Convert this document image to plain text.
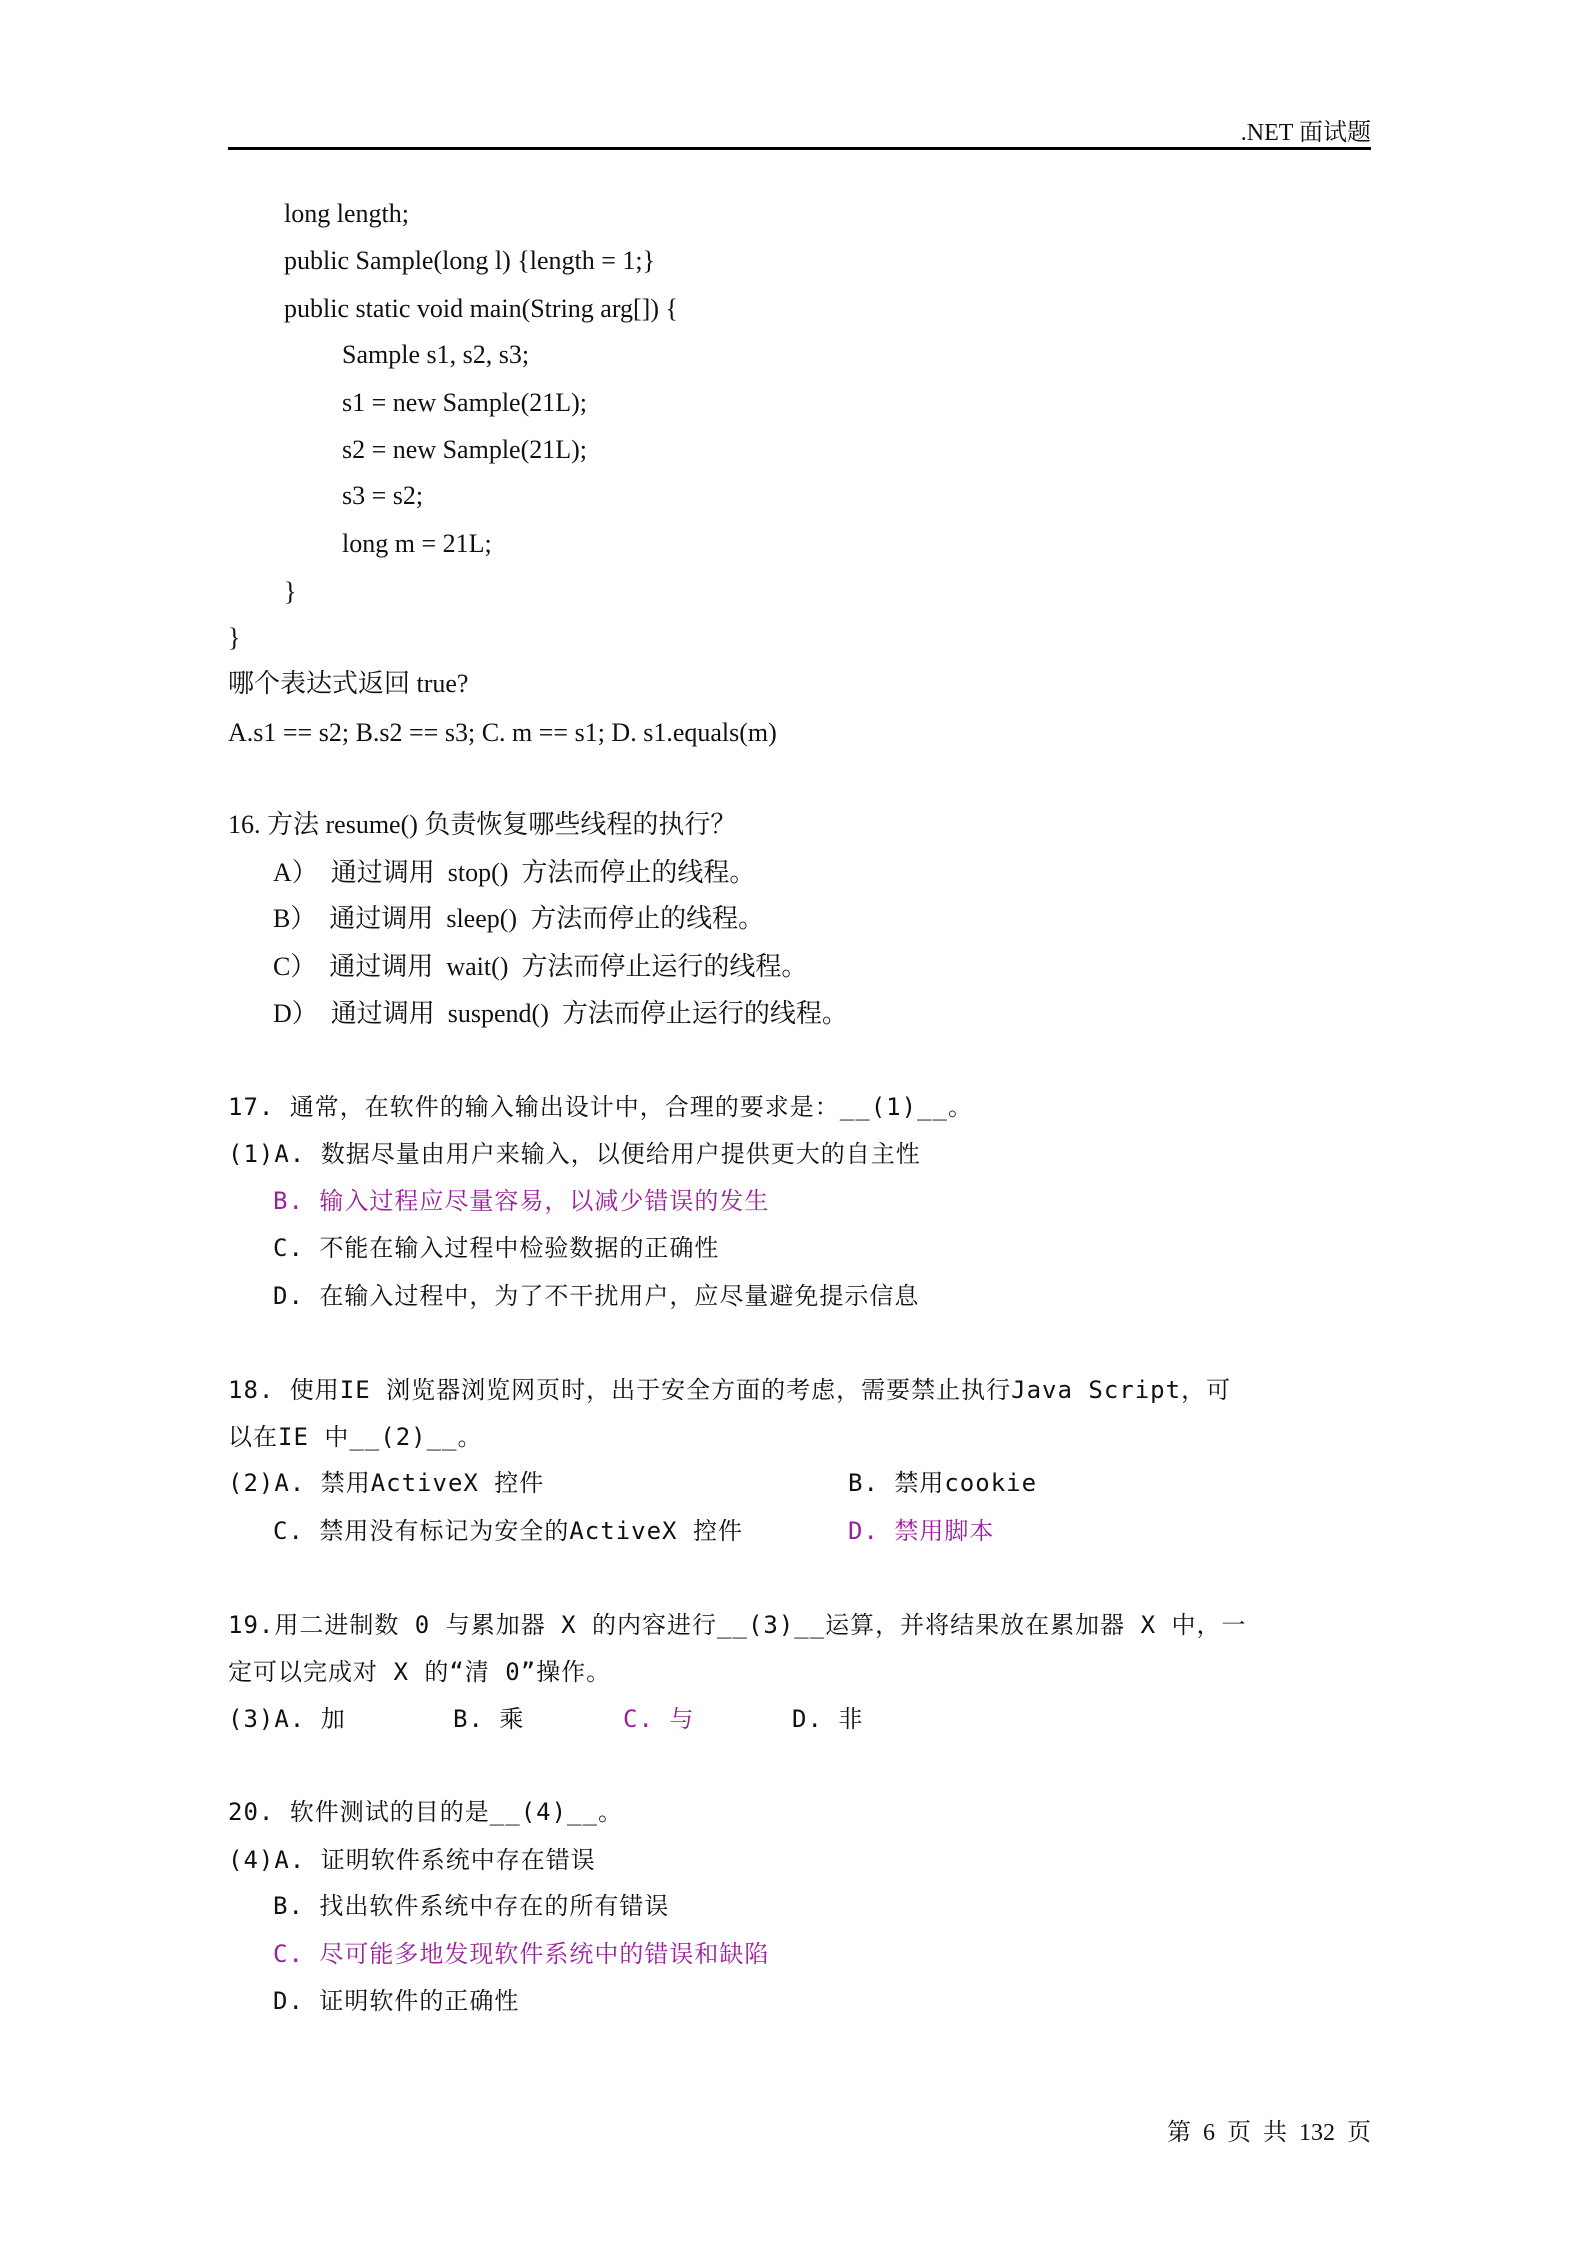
.NET 面试题
long length;
public Sample(long l) {length = 1;}
public static void main(String arg[]) {
Sample s1, s2, s3;
s1 = new Sample(21L);
s2 = new Sample(21L);
s3 = s2;
long m = 21L;
}
}
哪个表达式返回 true?
A.s1 == s2; B.s2 == s3; C. m == s1; D. s1.equals(m)
16. 方法 resume() 负责恢复哪些线程的执行？
A）  通过调用  stop()  方法而停止的线程。
B）  通过调用  sleep()  方法而停止的线程。
C）  通过调用  wait()  方法而停止运行的线程。
D）  通过调用  suspend()  方法而停止运行的线程。
17. 通常，在软件的输入输出设计中，合理的要求是：__(1)__。
(1)A. 数据尽量由用户来输入，以便给用户提供更大的自主性
B. 输入过程应尽量容易，以减少错误的发生
C. 不能在输入过程中检验数据的正确性
D. 在输入过程中，为了不干扰用户，应尽量避免提示信息
18. 使用IE 浏览器浏览网页时，出于安全方面的考虑，需要禁止执行Java Script，可
以在IE 中__(2)__。
(2)A. 禁用ActiveX 控件	B. 禁用cookie
C. 禁用没有标记为安全的ActiveX 控件	D. 禁用脚本
19.用二进制数 0 与累加器 X 的内容进行__(3)__运算，并将结果放在累加器 X 中，一
定可以完成对 X 的“清 0”操作。
(3)A. 加	B. 乘	C. 与	D. 非
20. 软件测试的目的是__(4)__。
(4)A. 证明软件系统中存在错误
B. 找出软件系统中存在的所有错误
C. 尽可能多地发现软件系统中的错误和缺陷
D. 证明软件的正确性
第 6 页 共 132 页
